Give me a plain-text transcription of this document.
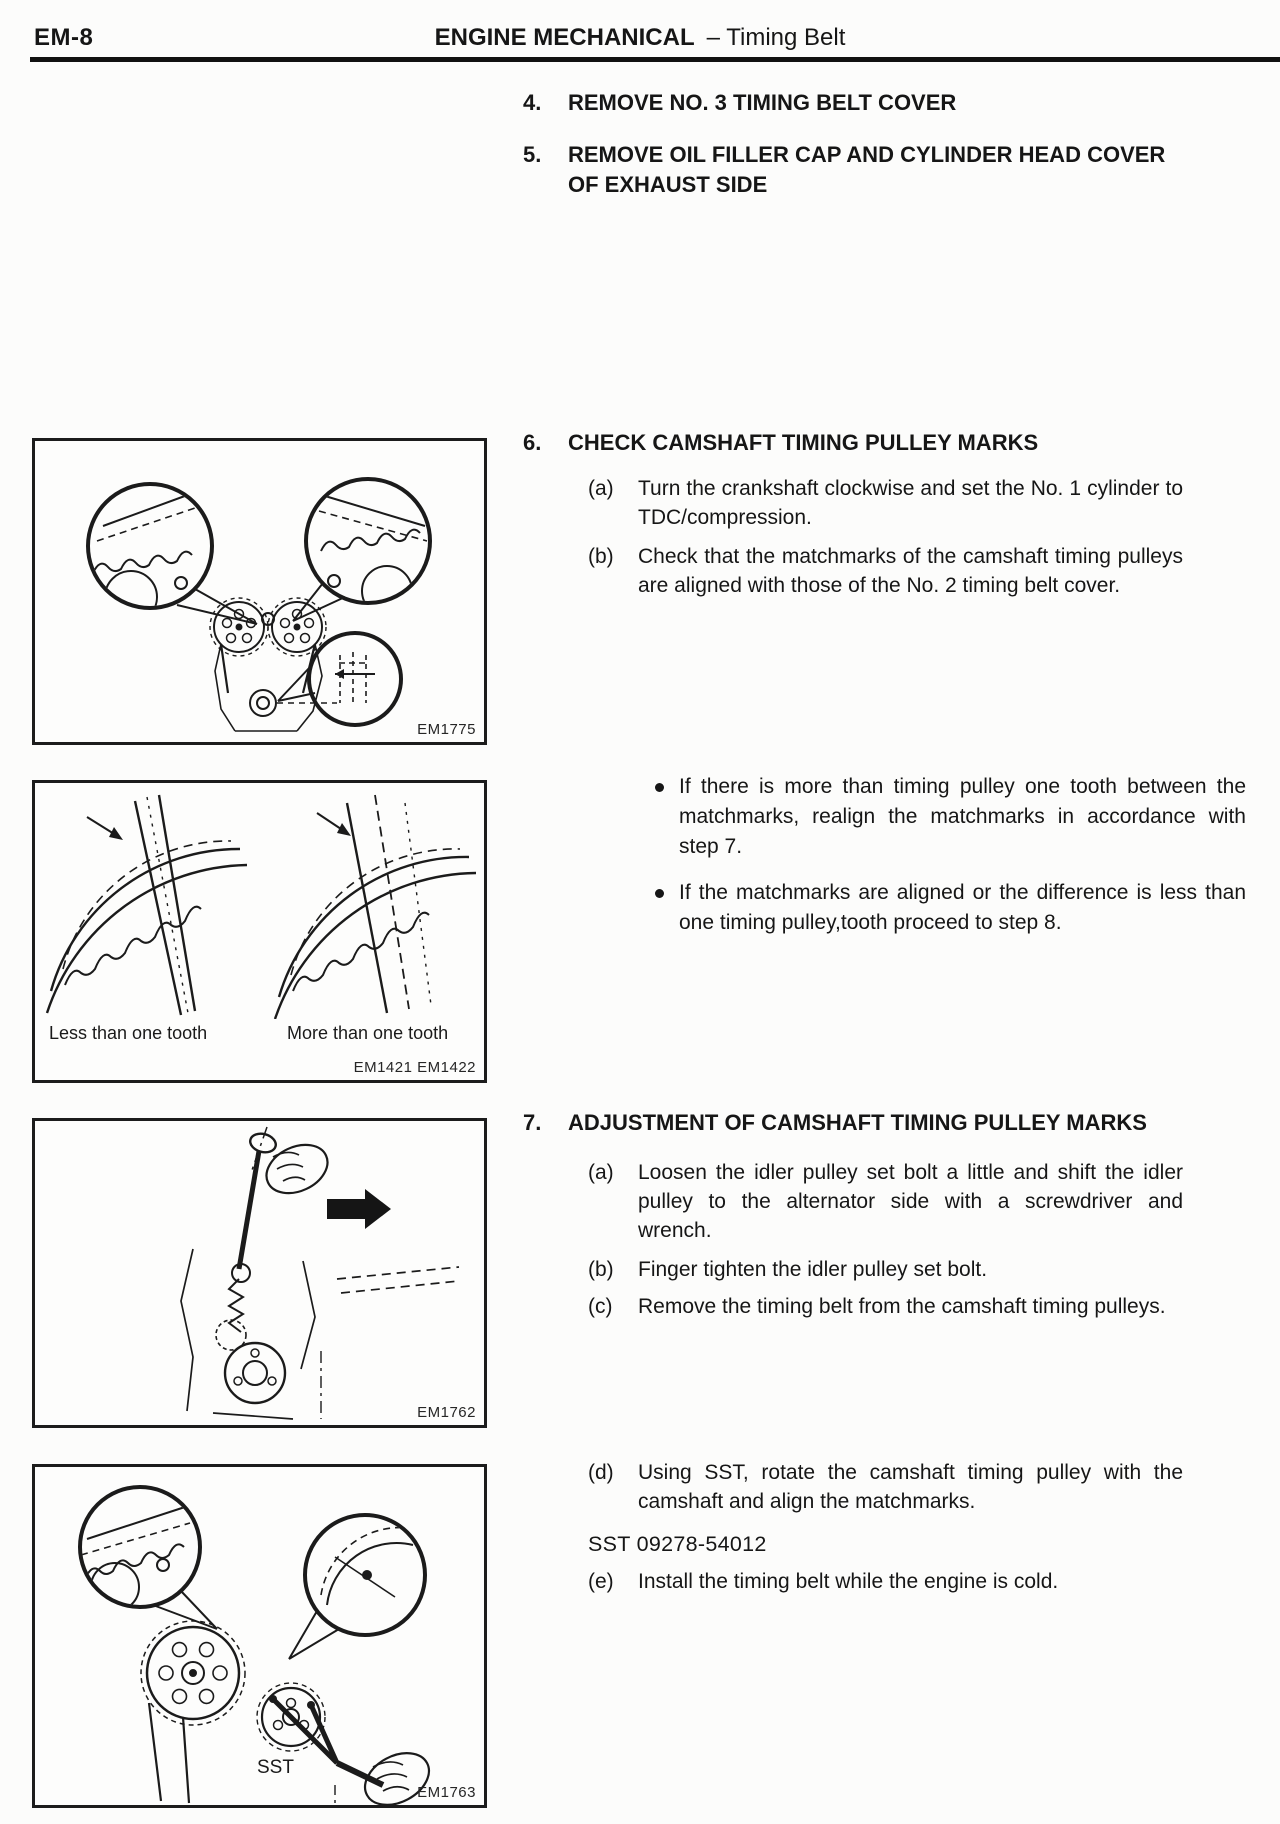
EM-8	ENGINE MECHANICAL – Timing Belt
4.	REMOVE NO. 3 TIMING BELT COVER
5.	REMOVE OIL FILLER CAP AND CYLINDER HEAD COVER OF EXHAUST SIDE
6.	CHECK CAMSHAFT TIMING PULLEY MARKS
(a)	Turn the crankshaft clockwise and set the No. 1 cylinder to TDC/compression.
(b)	Check that the matchmarks of the camshaft timing pulleys are aligned with those of the No. 2 timing belt cover.
If there is more than timing pulley one tooth between the matchmarks, realign the matchmarks in accordance with step 7.
If the matchmarks are aligned or the difference is less than one timing pulley,tooth proceed to step 8.
7.	ADJUSTMENT OF CAMSHAFT TIMING PULLEY MARKS
(a)	Loosen the idler pulley set bolt a little and shift the idler pulley to the alternator side with a screwdriver and wrench.
(b)	Finger tighten the idler pulley set bolt.
(c)	Remove the timing belt from the camshaft timing pulleys.
(d)	Using SST, rotate the camshaft timing pulley with the camshaft and align the matchmarks.
SST 09278-54012
(e)	Install the timing belt while the engine is cold.
EM1775
Less than one tooth	More than one tooth
EM1421 EM1422
EM1762
SST
EM1763
